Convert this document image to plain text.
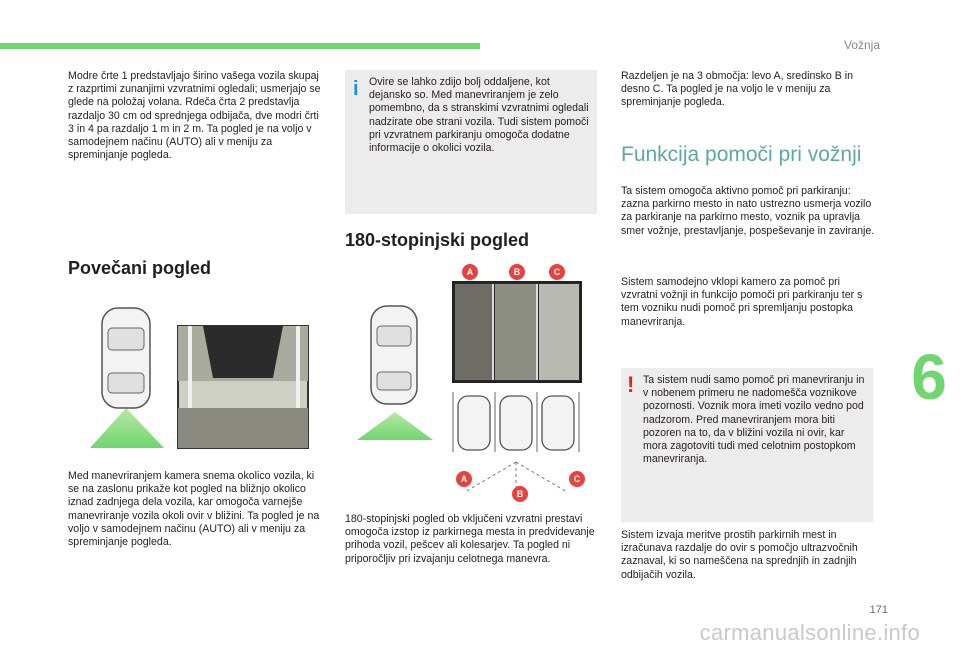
Vožnja
6

Modre črte 1 predstavljajo širino vašega vozila skupaj z razprtimi zunanjimi vzvratnimi ogledali; usmerjajo se glede na položaj volana. Rdeča črta 2 predstavlja razdaljo 30 cm od sprednjega odbijača, dve modri črti 3 in 4 pa razdaljo 1 m in 2 m. Ta pogled je na voljo v samodejnem načinu (AUTO) ali v meniju za spreminjanje pogleda.

Povečani pogled

Med manevriranjem kamera snema okolico vozila, ki se na zaslonu prikaže kot pogled na bližnjo okolico iznad zadnjega dela vozila, kar omogoča varnejše manevriranje vozila okoli ovir v bližini. Ta pogled je na voljo v samodejnem načinu (AUTO) ali v meniju za spreminjanje pogleda.

i Ovire se lahko zdijo bolj oddaljene, kot dejansko so. Med manevriranjem je zelo pomembno, da s stranskimi vzvratnimi ogledali nadzirate obe strani vozila. Tudi sistem pomoči pri vzvratnem parkiranju omogoča dodatne informacije o okolici vozila.

180-stopinjski pogled
A	B	C
A
B
C

180-stopinjski pogled ob vključeni vzvratni prestavi omogoča izstop iz parkirnega mesta in predvidevanje prihoda vozil, pešcev ali kolesarjev. Ta pogled ni priporočljiv pri izvajanju celotnega manevra.

Razdeljen je na 3 območja: levo A, sredinsko B in desno C. Ta pogled je na voljo le v meniju za spreminjanje pogleda.

Funkcija pomoči pri vožnji

Ta sistem omogoča aktivno pomoč pri parkiranju: zazna parkirno mesto in nato ustrezno usmerja vozilo za parkiranje na parkirno mesto, voznik pa upravlja smer vožnje, prestavljanje, pospeševanje in zaviranje.

Sistem samodejno vklopi kamero za pomoč pri vzvratni vožnji in funkcijo pomoči pri parkiranju ter s tem vozniku nudi pomoč pri spremljanju postopka manevriranja.

! Ta sistem nudi samo pomoč pri manevriranju in v nobenem primeru ne nadomešča voznikove pozornosti. Voznik mora imeti vozilo vedno pod nadzorom. Pred manevriranjem mora biti pozoren na to, da v bližini vozila ni ovir, kar mora zagotoviti tudi med celotnim postopkom manevriranja.

Sistem izvaja meritve prostih parkirnih mest in izračunava razdalje do ovir s pomočjo ultrazvočnih zaznaval, ki so nameščena na sprednjih in zadnjih odbijačih vozila.

171
carmanualsonline.info
